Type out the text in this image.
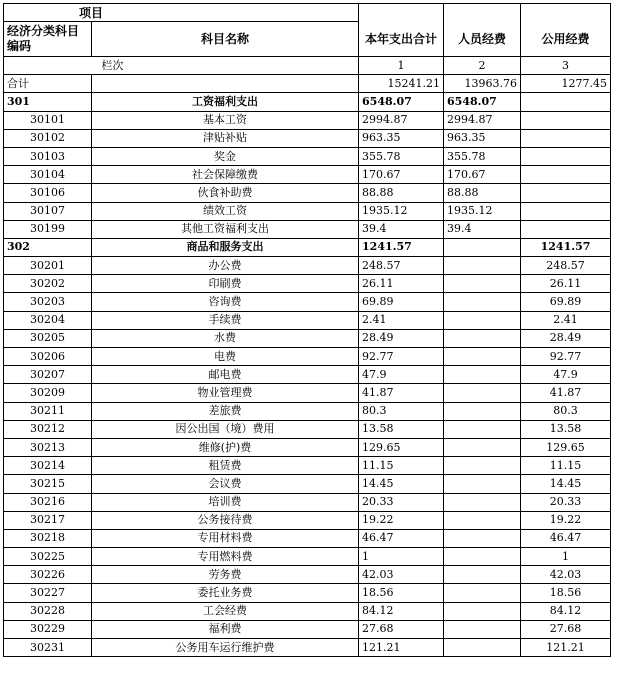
项目				
经济分类科目编码	科目名称	本年支出合计	人员经费	公用经费
栏次		1	2	3
合计		15241.21	13963.76	1277.45
301	工资福利支出	6548.07	6548.07	
30101	基本工资	2994.87	2994.87	
30102	津贴补贴	963.35	963.35	
30103	奖金	355.78	355.78	
30104	社会保障缴费	170.67	170.67	
30106	伙食补助费	88.88	88.88	
30107	绩效工资	1935.12	1935.12	
30199	其他工资福利支出	39.4	39.4	
302	商品和服务支出	1241.57		1241.57
30201	办公费	248.57		248.57
30202	印刷费	26.11		26.11
30203	咨询费	69.89		69.89
30204	手续费	2.41		2.41
30205	水费	28.49		28.49
30206	电费	92.77		92.77
30207	邮电费	47.9		47.9
30209	物业管理费	41.87		41.87
30211	差旅费	80.3		80.3
30212	因公出国（境）费用	13.58		13.58
30213	维修(护)费	129.65		129.65
30214	租赁费	11.15		11.15
30215	会议费	14.45		14.45
30216	培训费	20.33		20.33
30217	公务接待费	19.22		19.22
30218	专用材料费	46.47		46.47
30225	专用燃料费	1		1
30226	劳务费	42.03		42.03
30227	委托业务费	18.56		18.56
30228	工会经费	84.12		84.12
30229	福利费	27.68		27.68
30231	公务用车运行维护费	121.21		121.21
